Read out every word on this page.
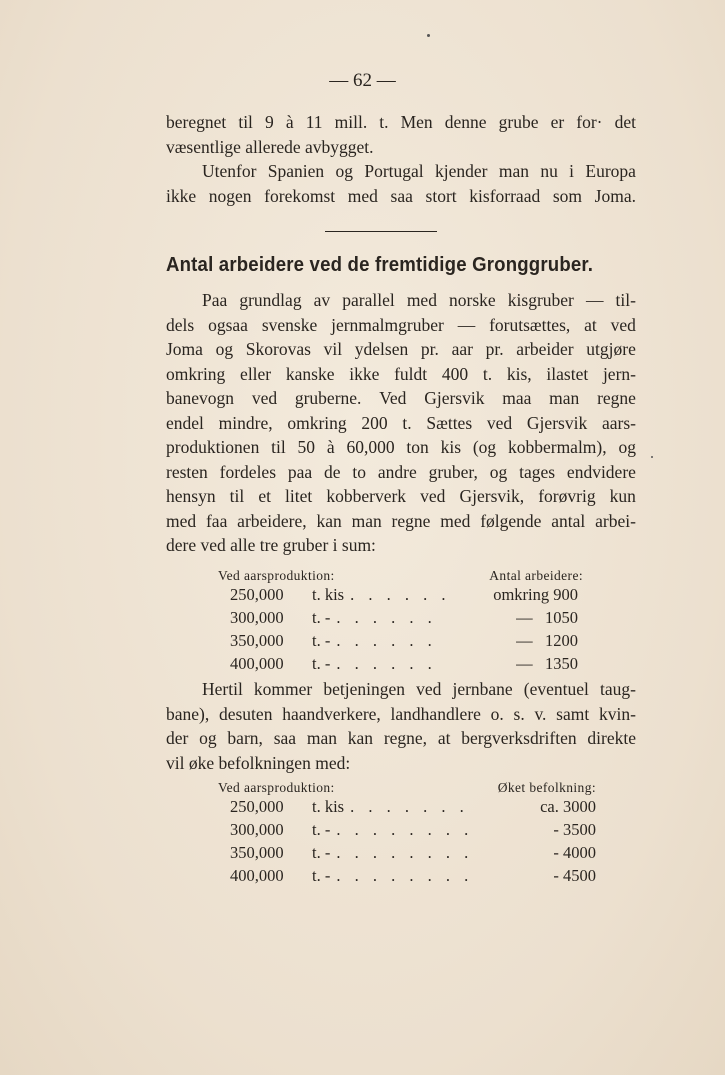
— 62 —
beregnet til 9 à 11 mill. t. Men denne grube er for· det
væsentlige allerede avbygget.
Utenfor Spanien og Portugal kjender man nu i Europa
ikke nogen forekomst med saa stort kisforraad som Joma.
Antal arbeidere ved de fremtidige Gronggruber.
Paa grundlag av parallel med norske kisgruber — til-
dels ogsaa svenske jernmalmgruber — forutsættes, at ved
Joma og Skorovas vil ydelsen pr. aar pr. arbeider utgjøre
omkring eller kanske ikke fuldt 400 t. kis, ilastet jern-
banevogn ved gruberne. Ved Gjersvik maa man regne
endel mindre, omkring 200 t. Sættes ved Gjersvik aars-
produktionen til 50 à 60,000 ton kis (og kobbermalm), og
resten fordeles paa de to andre gruber, og tages endvidere
hensyn til et litet kobberverk ved Gjersvik, forøvrig kun
med faa arbeidere, kan man regne med følgende antal arbei-
dere ved alle tre gruber i sum:
Ved aarsproduktion:	Antal arbeidere:
250,000	t. kis . . . . . .	omkring 900
300,000	t. - . . . . . .	—   1050
350,000	t. - . . . . . .	—   1200
400,000	t. - . . . . . .	—   1350
Hertil kommer betjeningen ved jernbane (eventuel taug-
bane), desuten haandverkere, landhandlere o. s. v. samt kvin-
der og barn, saa man kan regne, at bergverksdriften direkte
vil øke befolkningen med:
Ved aarsproduktion:	Øket befolkning:
250,000	t. kis . . . . . . .	ca. 3000
300,000	t. - . . . . . . . .	- 3500
350,000	t. - . . . . . . . .	- 4000
400,000	t. - . . . . . . . .	- 4500
